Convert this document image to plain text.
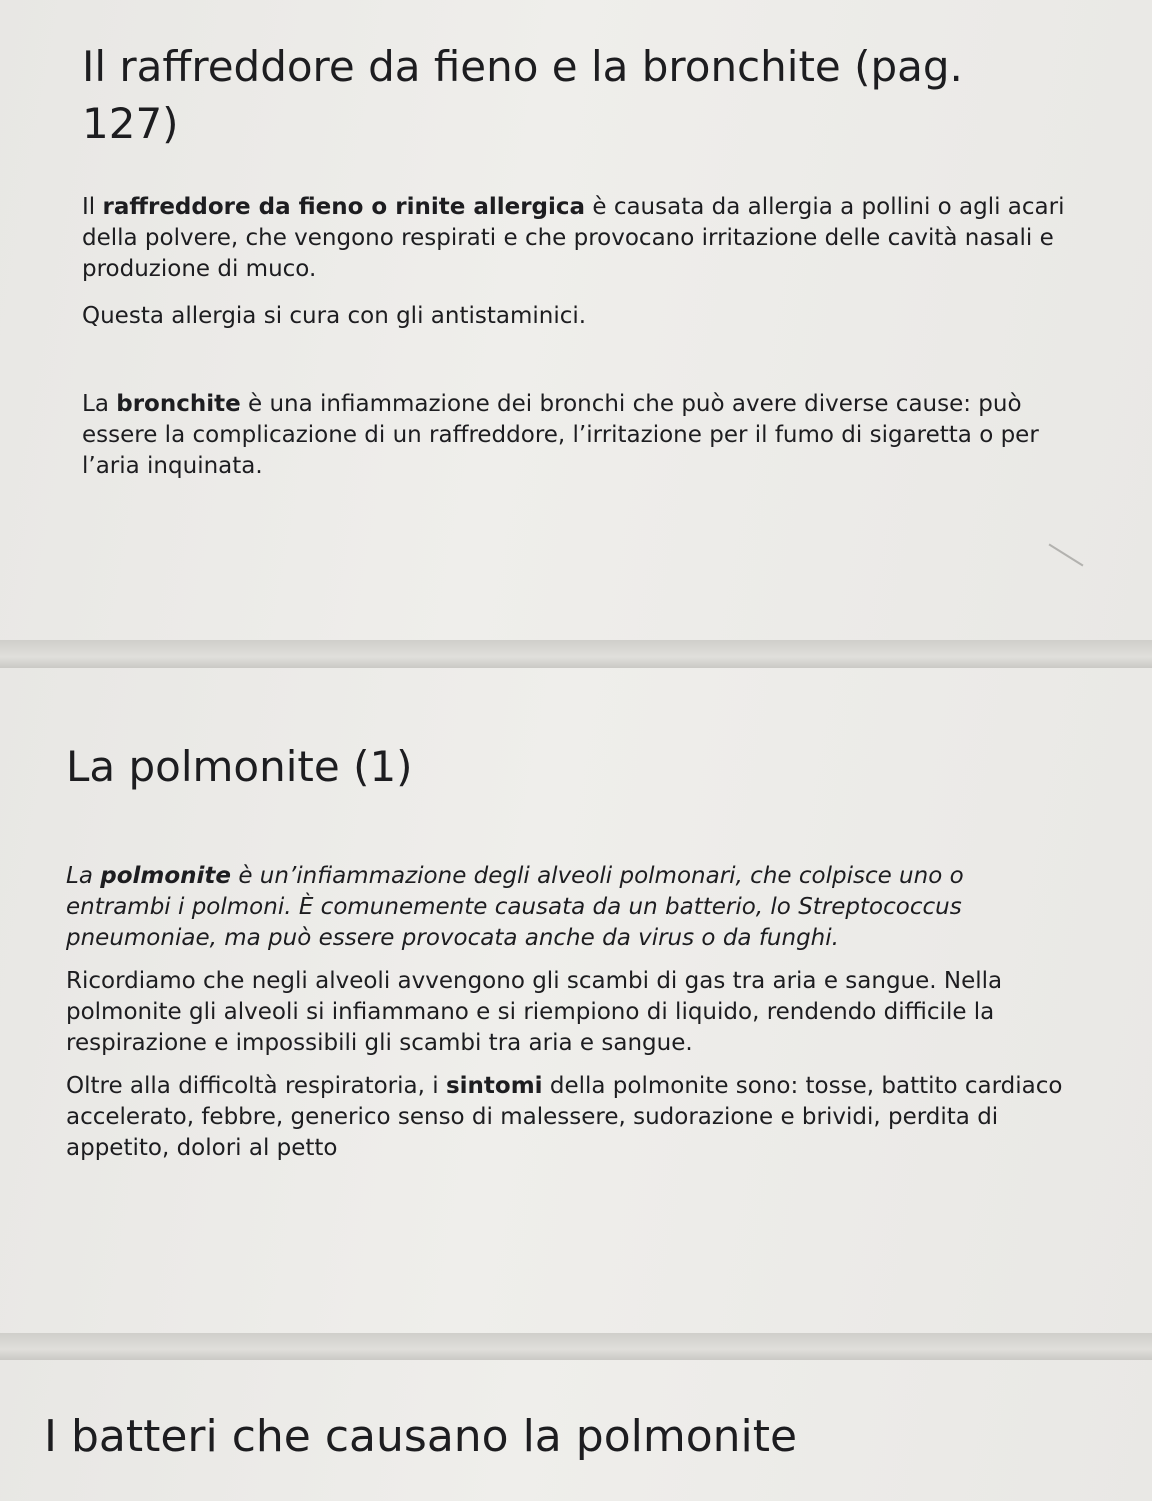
Il raffreddore da fieno e la bronchite (pag. 127)

Il raffreddore da fieno o rinite allergica è causata da allergia a pollini o agli acari della polvere, che vengono respirati e che provocano irritazione delle cavità nasali e produzione di muco.

Questa allergia si cura con gli antistaminici.

La bronchite è una infiammazione dei bronchi che può avere diverse cause: può essere la complicazione di un raffreddore, l’irritazione per il fumo di sigaretta o per l’aria inquinata.

La polmonite (1)

La polmonite è un’infiammazione degli alveoli polmonari, che colpisce uno o entrambi i polmoni. È comunemente causata da un batterio, lo Streptococcus pneumoniae, ma può essere provocata anche da virus o da funghi.

Ricordiamo che negli alveoli avvengono gli scambi di gas tra aria e sangue. Nella polmonite gli alveoli si infiammano e si riempiono di liquido, rendendo difficile la respirazione e impossibili gli scambi tra aria e sangue.

Oltre alla difficoltà respiratoria, i sintomi della polmonite sono: tosse, battito cardiaco accelerato, febbre, generico senso di malessere, sudorazione e brividi, perdita di appetito, dolori al petto

I batteri che causano la polmonite
